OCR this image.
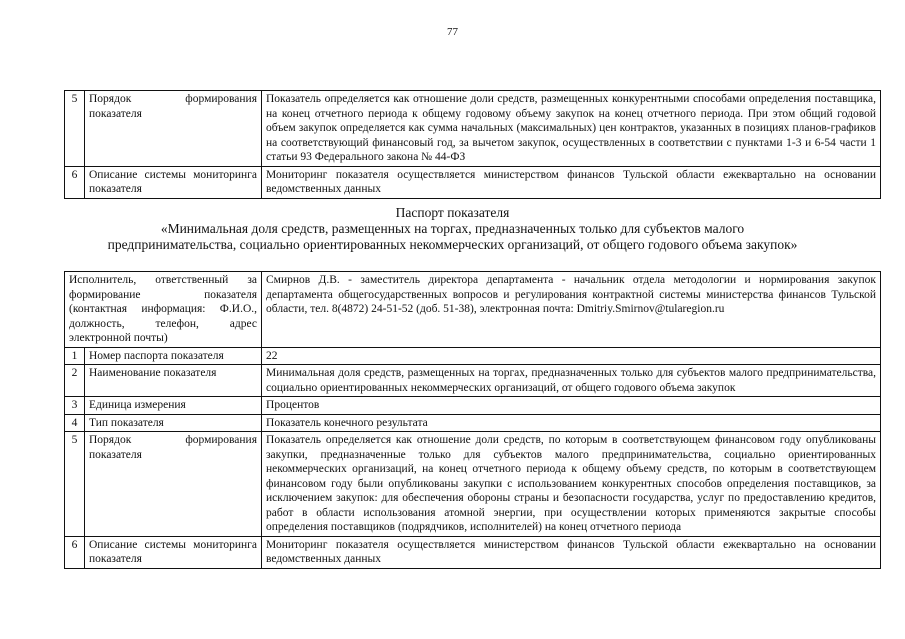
77
5	Порядок формирования показателя	Показатель определяется как отношение доли средств, размещенных конкурентными способами определения поставщика, на конец отчетного периода к общему годовому объему закупок на конец отчетного периода. При этом общий годовой объем закупок определяется как сумма начальных (максимальных) цен контрактов, указанных в позициях планов-графиков на соответствующий финансовый год, за вычетом закупок, осуществленных в соответствии с пунктами 1-3 и 6-54 части 1 статьи 93 Федерального закона № 44-ФЗ
6	Описание системы мониторинга показателя	Мониторинг показателя осуществляется министерством финансов Тульской области ежеквартально на основании ведомственных данных
Паспорт показателя
«Минимальная доля средств, размещенных на торгах, предназначенных только для субъектов малого
предпринимательства, социально ориентированных некоммерческих организаций, от общего годового объема закупок»
Исполнитель, ответственный за формирование показателя (контактная информация: Ф.И.О., должность, телефон, адрес электронной почты)		Смирнов Д.В. - заместитель директора департамента - начальник отдела методологии и нормирования закупок департамента общегосударственных вопросов и регулирования контрактной системы министерства финансов Тульской области, тел. 8(4872) 24-51-52 (доб. 51-38), электронная почта: Dmitriy.Smirnov@tularegion.ru
1	Номер паспорта показателя	22
2	Наименование показателя	Минимальная доля средств, размещенных на торгах, предназначенных только для субъектов малого предпринимательства, социально ориентированных некоммерческих организаций, от общего годового объема закупок
3	Единица измерения	Процентов
4	Тип показателя	Показатель конечного результата
5	Порядок формирования показателя	Показатель определяется как отношение доли средств, по которым в соответствующем финансовом году опубликованы закупки, предназначенные только для субъектов малого предпринимательства, социально ориентированных некоммерческих организаций, на конец отчетного периода к общему объему средств, по которым в соответствующем финансовом году были опубликованы закупки с использованием конкурентных способов определения поставщиков, за исключением закупок: для обеспечения обороны страны и безопасности государства, услуг по предоставлению кредитов, работ в области использования атомной энергии, при осуществлении которых применяются закрытые способы определения поставщиков (подрядчиков, исполнителей) на конец отчетного периода
6	Описание системы мониторинга показателя	Мониторинг показателя осуществляется министерством финансов Тульской области ежеквартально на основании ведомственных данных
